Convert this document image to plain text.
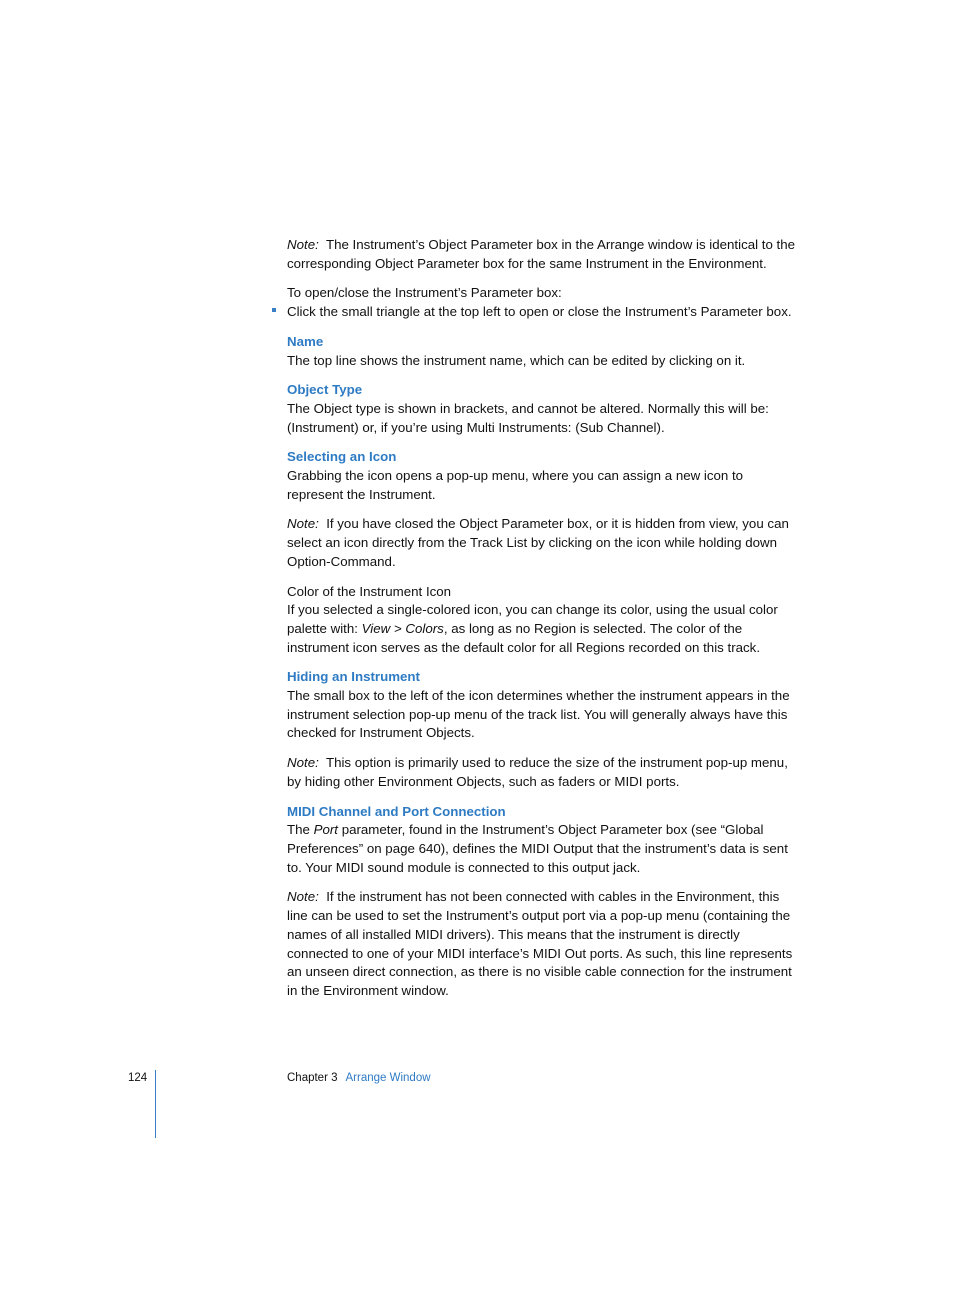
Note: The Instrument’s Object Parameter box in the Arrange window is identical to the corresponding Object Parameter box for the same Instrument in the Environment.

To open/close the Instrument’s Parameter box:

Click the small triangle at the top left to open or close the Instrument’s Parameter box.
Name

The top line shows the instrument name, which can be edited by clicking on it.

Object Type

The Object type is shown in brackets, and cannot be altered. Normally this will be: (Instrument) or, if you’re using Multi Instruments: (Sub Channel).

Selecting an Icon

Grabbing the icon opens a pop-up menu, where you can assign a new icon to represent the Instrument.

Note: If you have closed the Object Parameter box, or it is hidden from view, you can select an icon directly from the Track List by clicking on the icon while holding down Option-Command.

Color of the Instrument Icon

If you selected a single-colored icon, you can change its color, using the usual color palette with: View > Colors, as long as no Region is selected. The color of the instrument icon serves as the default color for all Regions recorded on this track.

Hiding an Instrument

The small box to the left of the icon determines whether the instrument appears in the instrument selection pop-up menu of the track list. You will generally always have this checked for Instrument Objects.

Note: This option is primarily used to reduce the size of the instrument pop-up menu, by hiding other Environment Objects, such as faders or MIDI ports.

MIDI Channel and Port Connection

The Port parameter, found in the Instrument’s Object Parameter box (see “Global Preferences” on page 640), defines the MIDI Output that the instrument’s data is sent to. Your MIDI sound module is connected to this output jack.

Note: If the instrument has not been connected with cables in the Environment, this line can be used to set the Instrument’s output port via a pop-up menu (containing the names of all installed MIDI drivers). This means that the instrument is directly connected to one of your MIDI interface’s MIDI Out ports. As such, this line represents an unseen direct connection, as there is no visible cable connection for the instrument in the Environment window.

124	Chapter 3 Arrange Window
